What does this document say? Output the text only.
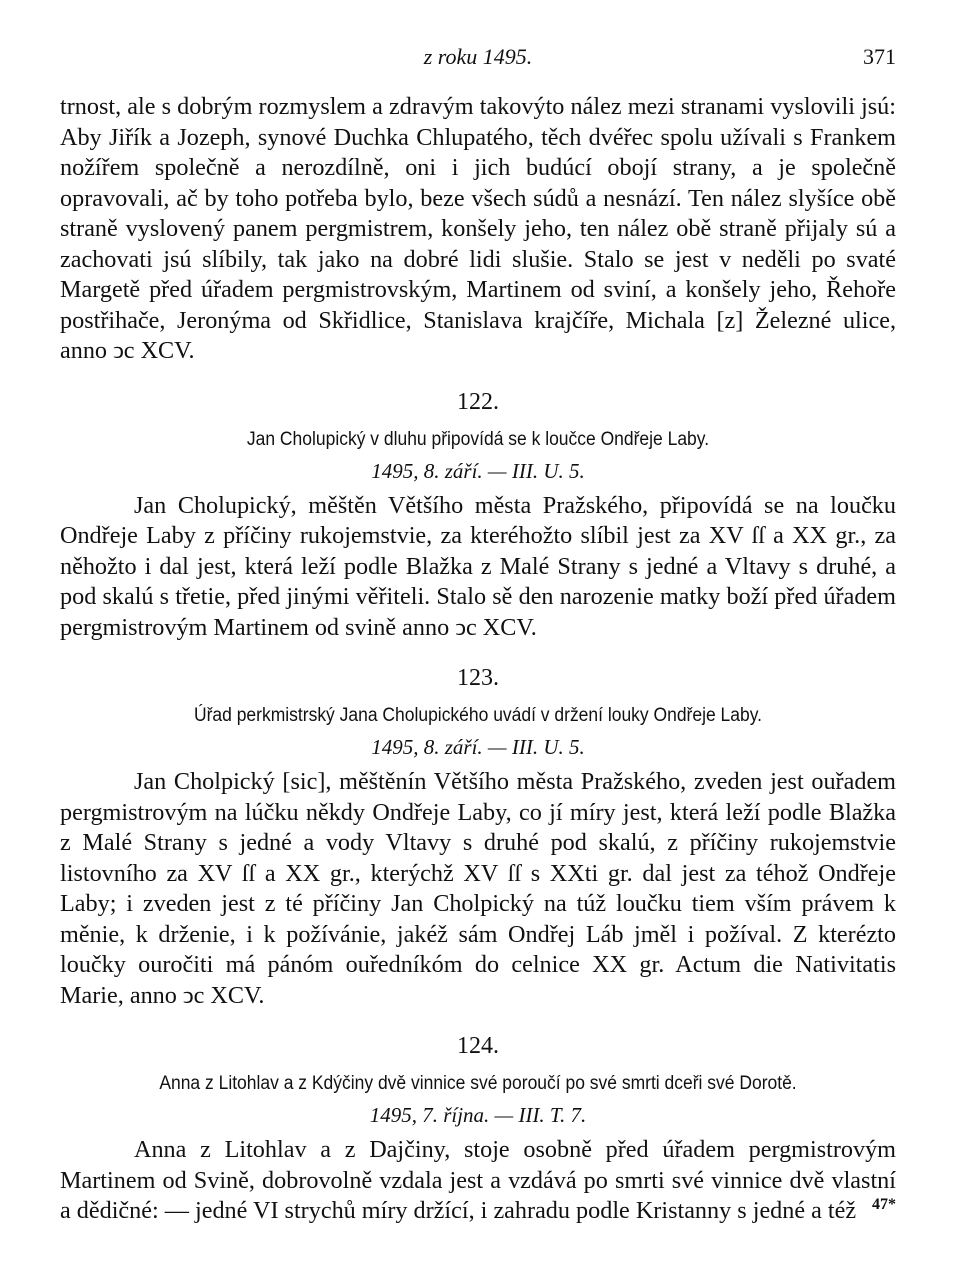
z roku 1495.	371

trnost, ale s dobrým rozmyslem a zdravým takovýto nález mezi stranami vyslovili jsú: Aby Jiřík a Jozeph, synové Duchka Chlupatého, těch dvéřec spolu užívali s Frankem nožířem společně a nerozdílně, oni i jich budúcí obojí strany, a je společně opravovali, ač by toho potřeba bylo, beze všech súdů a nesnází. Ten nález slyšíce obě straně vyslovený panem pergmistrem, konšely jeho, ten nález obě straně přijaly sú a zachovati jsú slíbily, tak jako na dobré lidi slušie. Stalo se jest v neděli po svaté Margetě před úřadem pergmistrovským, Martinem od sviní, a konšely jeho, Řehoře postřihače, Jeronýma od Skřidlice, Stanislava krajčíře, Michala [z] Železné ulice, anno ↄc XCV.

122.
Jan Cholupický v dluhu připovídá se k loučce Ondřeje Laby.
1495, 8. září. — III. U. 5.

Jan Cholupický, měštěn Většího města Pražského, připovídá se na loučku Ondřeje Laby z příčiny rukojemstvie, za kteréhožto slíbil jest za XV ſſ a XX gr., za něhožto i dal jest, která leží podle Blažka z Malé Strany s jedné a Vltavy s druhé, a pod skalú s třetie, před jinými věřiteli. Stalo sě den narozenie matky boží před úřadem pergmistrovým Martinem od svině anno ↄc XCV.

123.
Úřad perkmistrský Jana Cholupického uvádí v držení louky Ondřeje Laby.
1495, 8. září. — III. U. 5.

Jan Cholpický [sic], měštěnín Většího města Pražského, zveden jest ouřadem pergmistrovým na lúčku někdy Ondřeje Laby, co jí míry jest, která leží podle Blažka z Malé Strany s jedné a vody Vltavy s druhé pod skalú, z příčiny rukojemstvie listovního za XV ſſ a XX gr., kterýchž XV ſſ s XXti gr. dal jest za téhož Ondřeje Laby; i zveden jest z té příčiny Jan Cholpický na túž loučku tiem vším právem k měnie, k drženie, i k požívánie, jakéž sám Ondřej Láb jměl i požíval. Z kterézto loučky ouročiti má pánóm ouředníkóm do celnice XX gr. Actum die Nativitatis Marie, anno ↄc XCV.

124.
Anna z Litohlav a z Kdýčiny dvě vinnice své poroučí po své smrti dceři své Dorotě.
1495, 7. října. — III. T. 7.

Anna z Litohlav a z Dajčiny, stoje osobně před úřadem pergmistrovým Martinem od Svině, dobrovolně vzdala jest a vzdává po smrti své vinnice dvě vlastní a dědičné: — jedné VI strychů míry držící, i zahradu podle Kristanny s jedné a též 47*
